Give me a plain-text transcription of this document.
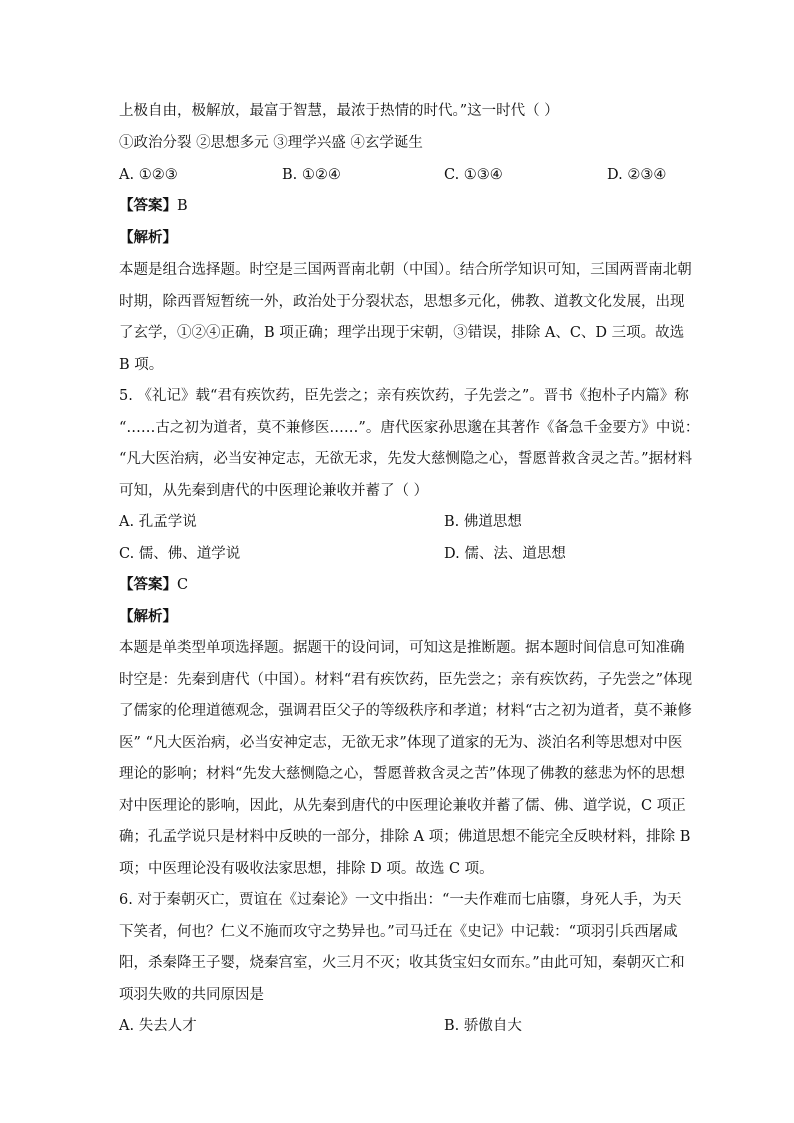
上极自由，极解放，最富于智慧，最浓于热情的时代。”这一时代（ ）
①政治分裂 ②思想多元 ③理学兴盛 ④玄学诞生
A. ①②③	B. ①②④	C. ①③④	D. ②③④
【答案】B
【解析】
本题是组合选择题。时空是三国两晋南北朝（中国）。结合所学知识可知，三国两晋南北朝
时期，除西晋短暂统一外，政治处于分裂状态，思想多元化，佛教、道教文化发展，出现
了玄学，①②④正确，B 项正确；理学出现于宋朝，③错误，排除 A、C、D 三项。故选
B 项。
5. 《礼记》载“君有疾饮药，臣先尝之；亲有疾饮药，子先尝之”。晋书《抱朴子内篇》称
“……古之初为道者，莫不兼修医……”。唐代医家孙思邈在其著作《备急千金要方》中说：
“凡大医治病，必当安神定志，无欲无求，先发大慈恻隐之心，誓愿普救含灵之苦。”据材料
可知，从先秦到唐代的中医理论兼收并蓄了（ ）
A. 孔孟学说	B. 佛道思想
C. 儒、佛、道学说	D. 儒、法、道思想
【答案】C
【解析】
本题是单类型单项选择题。据题干的设问词，可知这是推断题。据本题时间信息可知准确
时空是：先秦到唐代（中国）。材料“君有疾饮药，臣先尝之；亲有疾饮药，子先尝之”体现
了儒家的伦理道德观念，强调君臣父子的等级秩序和孝道；材料“古之初为道者，莫不兼修
医” “凡大医治病，必当安神定志，无欲无求”体现了道家的无为、淡泊名利等思想对中医
理论的影响；材料“先发大慈恻隐之心，誓愿普救含灵之苦”体现了佛教的慈悲为怀的思想
对中医理论的影响，因此，从先秦到唐代的中医理论兼收并蓄了儒、佛、道学说，C 项正
确；孔孟学说只是材料中反映的一部分，排除 A 项；佛道思想不能完全反映材料，排除 B
项；中医理论没有吸收法家思想，排除 D 项。故选 C 项。
6. 对于秦朝灭亡，贾谊在《过秦论》一文中指出：“一夫作难而七庙隳，身死人手，为天
下笑者，何也？仁义不施而攻守之势异也。”司马迁在《史记》中记载：“项羽引兵西屠咸
阳，杀秦降王子婴，烧秦宫室，火三月不灭；收其货宝妇女而东。”由此可知，秦朝灭亡和
项羽失败的共同原因是
A. 失去人才	B. 骄傲自大
